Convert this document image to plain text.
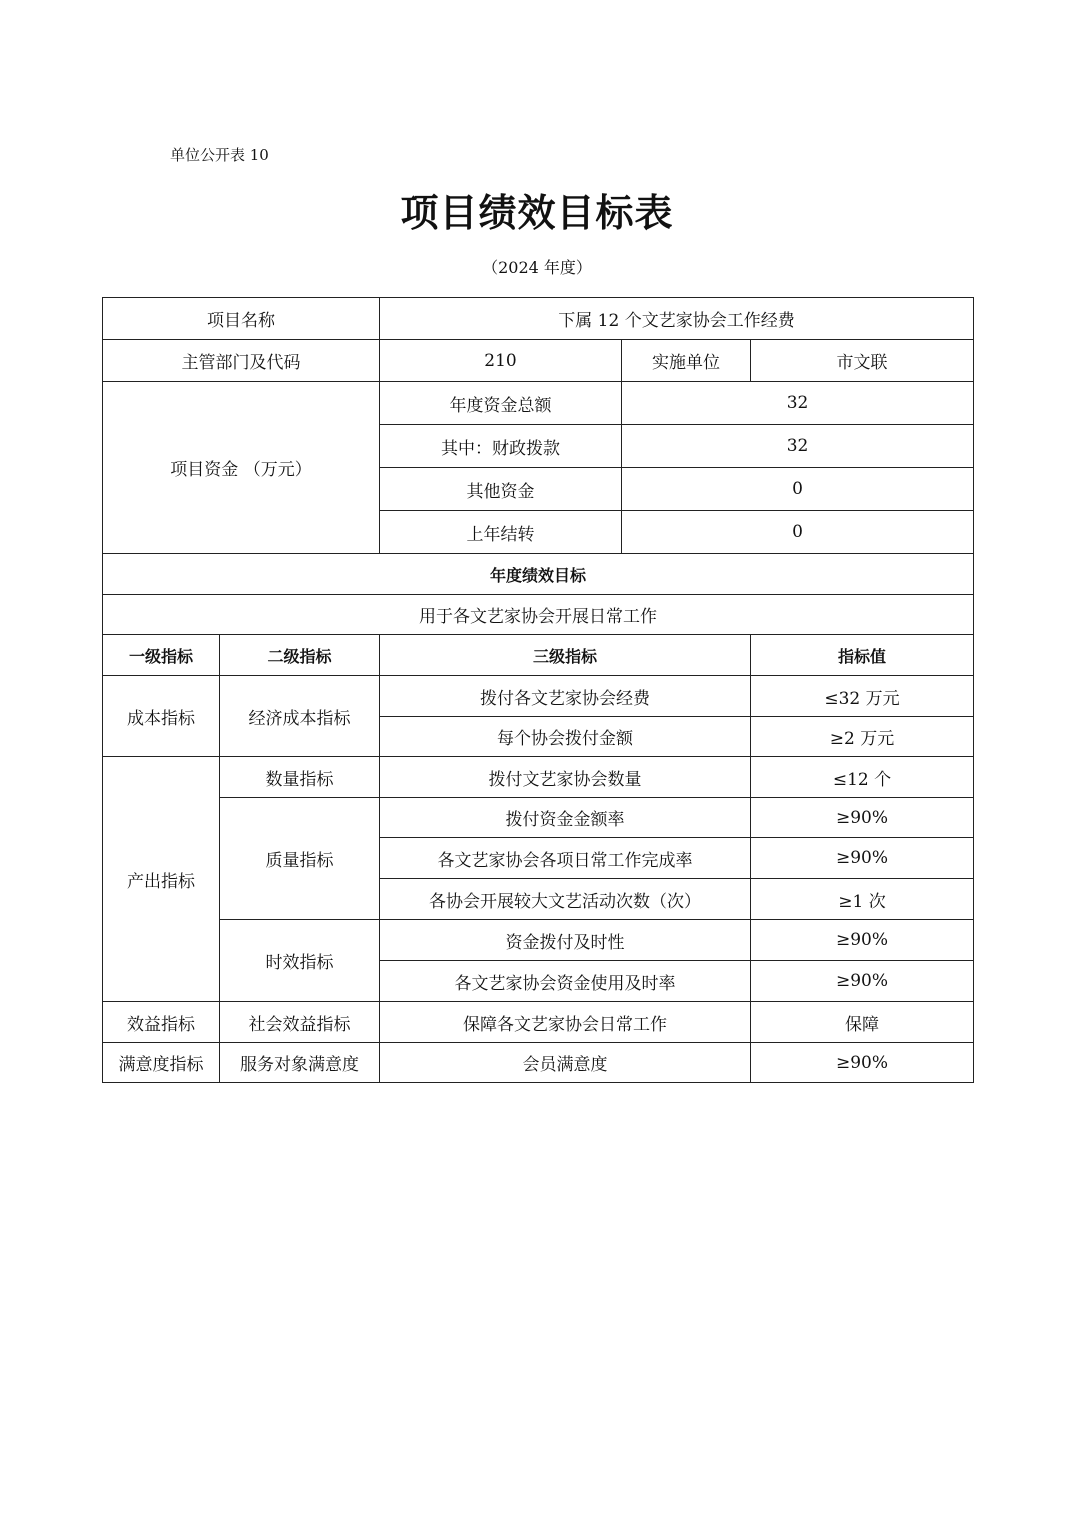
单位公开表 10
项目绩效目标表
（2024 年度）
项目名称		下属 12 个文艺家协会工作经费		
主管部门及代码		210	实施单位	市文联
项目资金 （万元）		年度资金总额	32	
		其中：财政拨款	32	
		其他资金	0	
		上年结转	0	
年度绩效目标				
用于各文艺家协会开展日常工作				
一级指标	二级指标	三级指标		指标值
成本指标	经济成本指标	拨付各文艺家协会经费		≤32 万元
		每个协会拨付金额		≥2 万元
产出指标	数量指标	拨付文艺家协会数量		≤12 个
	质量指标	拨付资金金额率		≥90%
		各文艺家协会各项日常工作完成率		≥90%
		各协会开展较大文艺活动次数（次）		≥1 次
	时效指标	资金拨付及时性		≥90%
		各文艺家协会资金使用及时率		≥90%
效益指标	社会效益指标	保障各文艺家协会日常工作		保障
满意度指标	服务对象满意度	会员满意度		≥90%
